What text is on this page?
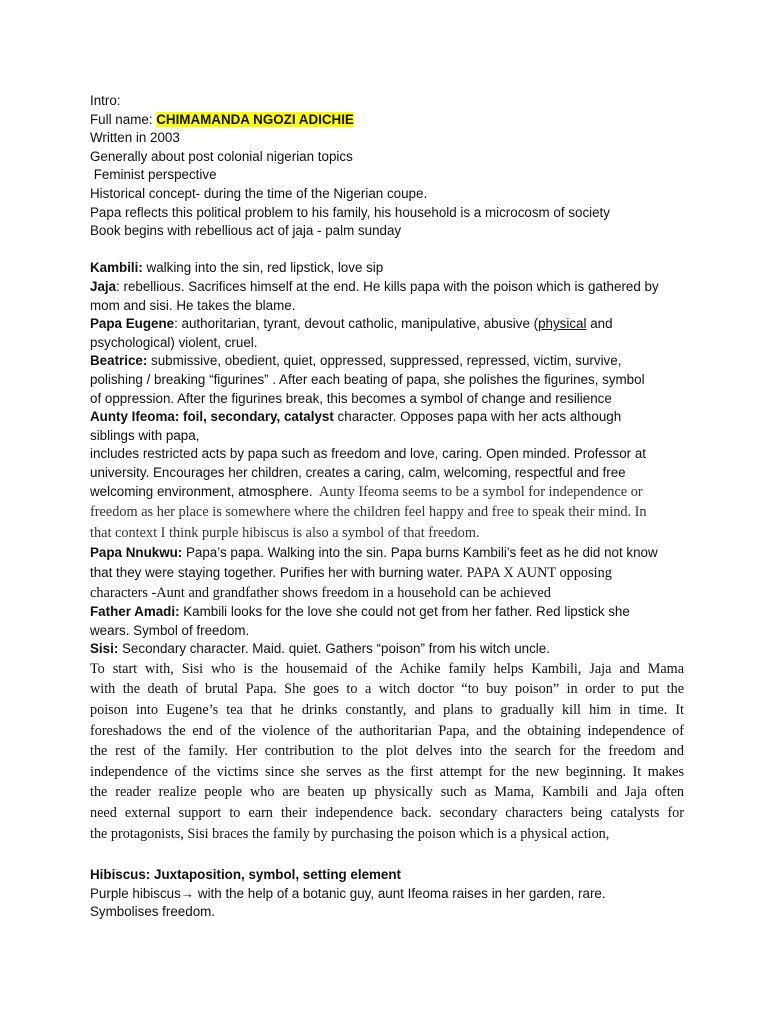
Intro:
Full name: CHIMAMANDA NGOZI ADICHIE
Written in 2003
Generally about post colonial nigerian topics
Feminist perspective
Historical concept- during the time of the Nigerian coupe.
Papa reflects this political problem to his family, his household is a microcosm of society
Book begins with rebellious act of jaja - palm sunday
Kambili: walking into the sin, red lipstick, love sip
Jaja: rebellious. Sacrifices himself at the end. He kills papa with the poison which is gathered by
mom and sisi. He takes the blame.
Papa Eugene: authoritarian, tyrant, devout catholic, manipulative, abusive (physical and
psychological) violent, cruel.
Beatrice: submissive, obedient, quiet, oppressed, suppressed, repressed, victim, survive,
polishing / breaking “figurines” . After each beating of papa, she polishes the figurines, symbol
of oppression. After the figurines break, this becomes a symbol of change and resilience
Aunty Ifeoma: foil, secondary, catalyst character. Opposes papa with her acts although
siblings with papa,
includes restricted acts by papa such as freedom and love, caring. Open minded. Professor at
university. Encourages her children, creates a caring, calm, welcoming, respectful and free
welcoming environment, atmosphere.  Aunty Ifeoma seems to be a symbol for independence or
freedom as her place is somewhere where the children feel happy and free to speak their mind. In
that context I think purple hibiscus is also a symbol of that freedom.
Papa Nnukwu: Papa’s papa. Walking into the sin. Papa burns Kambili’s feet as he did not know
that they were staying together. Purifies her with burning water. PAPA X AUNT opposing
characters -Aunt and grandfather shows freedom in a household can be achieved
Father Amadi: Kambili looks for the love she could not get from her father. Red lipstick she
wears. Symbol of freedom.
Sisi: Secondary character. Maid. quiet. Gathers “poison” from his witch uncle.
To start with, Sisi who is the housemaid of the Achike family helps Kambili, Jaja and Mama
with the death of brutal Papa. She goes to a witch doctor “to buy poison” in order to put the
poison into Eugene’s tea that he drinks constantly, and plans to gradually kill him in time. It
foreshadows the end of the violence of the authoritarian Papa, and the obtaining independence of
the rest of the family. Her contribution to the plot delves into the search for the freedom and
independence of the victims since she serves as the first attempt for the new beginning. It makes
the reader realize people who are beaten up physically such as Mama, Kambili and Jaja often
need external support to earn their independence back. secondary characters being catalysts for
the protagonists, Sisi braces the family by purchasing the poison which is a physical action,
Hibiscus: Juxtaposition, symbol, setting element
Purple hibiscus→ with the help of a botanic guy, aunt Ifeoma raises in her garden, rare.
Symbolises freedom.
